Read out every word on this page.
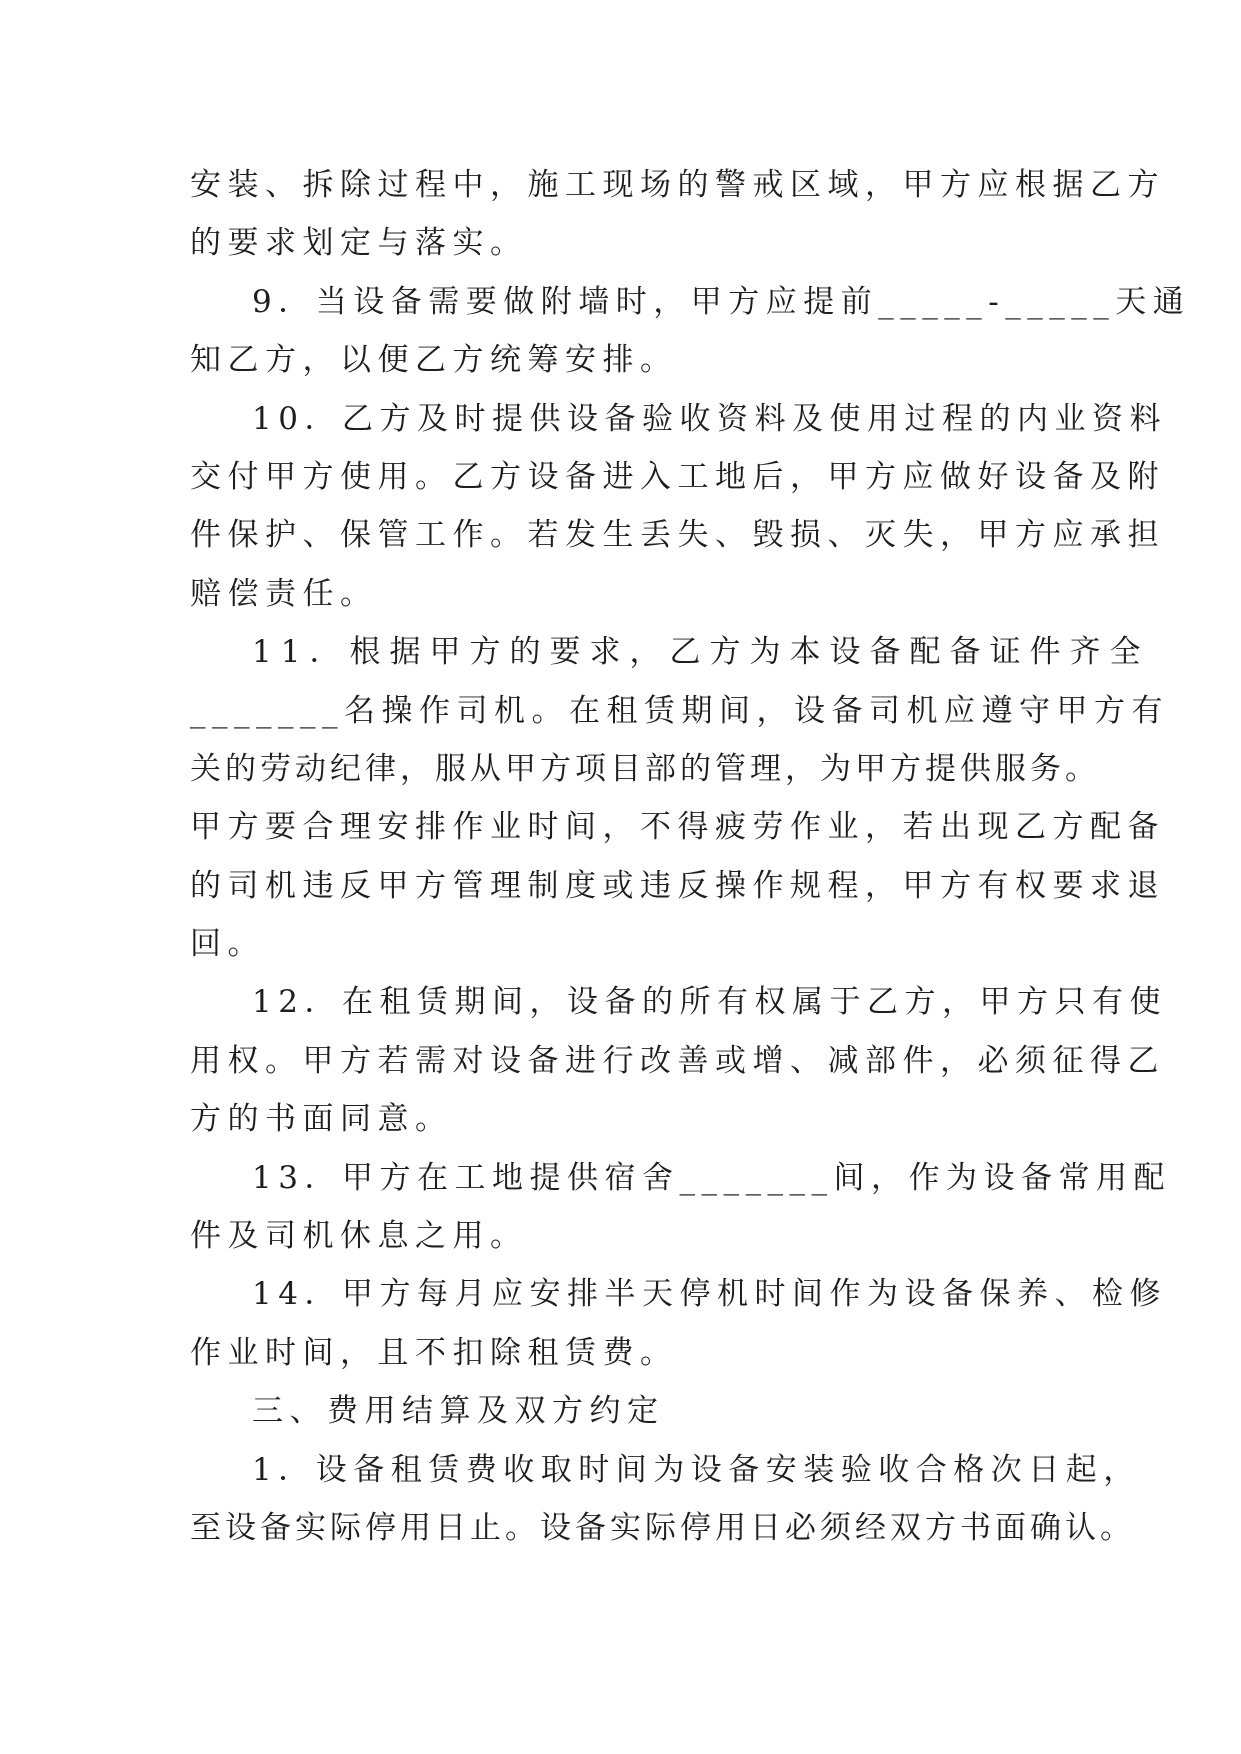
安装、拆除过程中，施工现场的警戒区域，甲方应根据乙方
的要求划定与落实。
9．当设备需要做附墙时，甲方应提前_____-_____天通
知乙方，以便乙方统筹安排。
10．乙方及时提供设备验收资料及使用过程的内业资料
交付甲方使用。乙方设备进入工地后，甲方应做好设备及附
件保护、保管工作。若发生丢失、毁损、灭失，甲方应承担
赔偿责任。
11．根据甲方的要求，乙方为本设备配备证件齐全
_______名操作司机。在租赁期间，设备司机应遵守甲方有
关的劳动纪律，服从甲方项目部的管理，为甲方提供服务。
甲方要合理安排作业时间，不得疲劳作业，若出现乙方配备
的司机违反甲方管理制度或违反操作规程，甲方有权要求退
回。
12．在租赁期间，设备的所有权属于乙方，甲方只有使
用权。甲方若需对设备进行改善或增、减部件，必须征得乙
方的书面同意。
13．甲方在工地提供宿舍_______间，作为设备常用配
件及司机休息之用。
14．甲方每月应安排半天停机时间作为设备保养、检修
作业时间，且不扣除租赁费。
三、费用结算及双方约定
1．设备租赁费收取时间为设备安装验收合格次日起，
至设备实际停用日止。设备实际停用日必须经双方书面确认。
